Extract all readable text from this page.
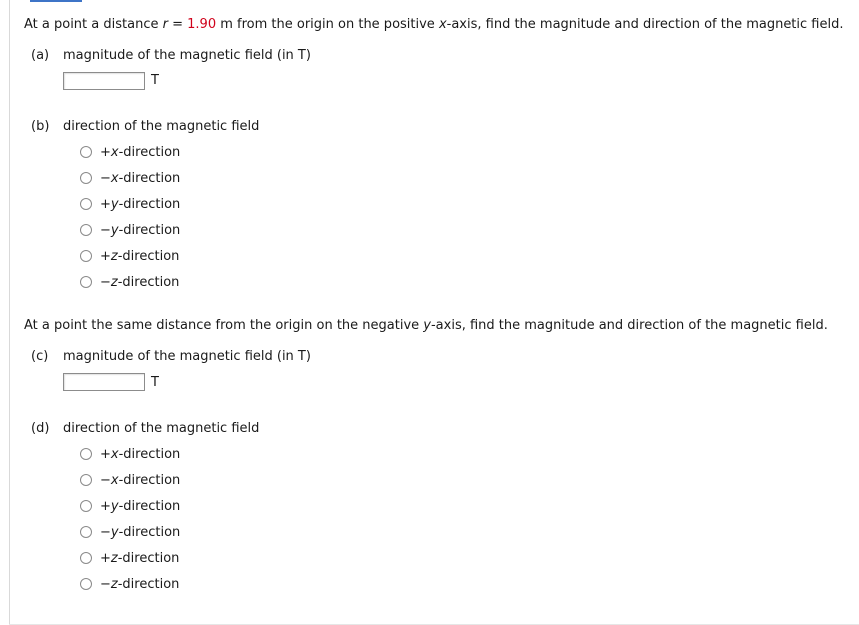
At a point a distance r = 1.90 m from the origin on the positive x-axis, find the magnitude and direction of the magnetic field.
(a) magnitude of the magnetic field (in T)
T
(b) direction of the magnetic field
+x-direction
−x-direction
+y-direction
−y-direction
+z-direction
−z-direction
At a point the same distance from the origin on the negative y-axis, find the magnitude and direction of the magnetic field.
(c) magnitude of the magnetic field (in T)
T
(d) direction of the magnetic field
+x-direction
−x-direction
+y-direction
−y-direction
+z-direction
−z-direction
